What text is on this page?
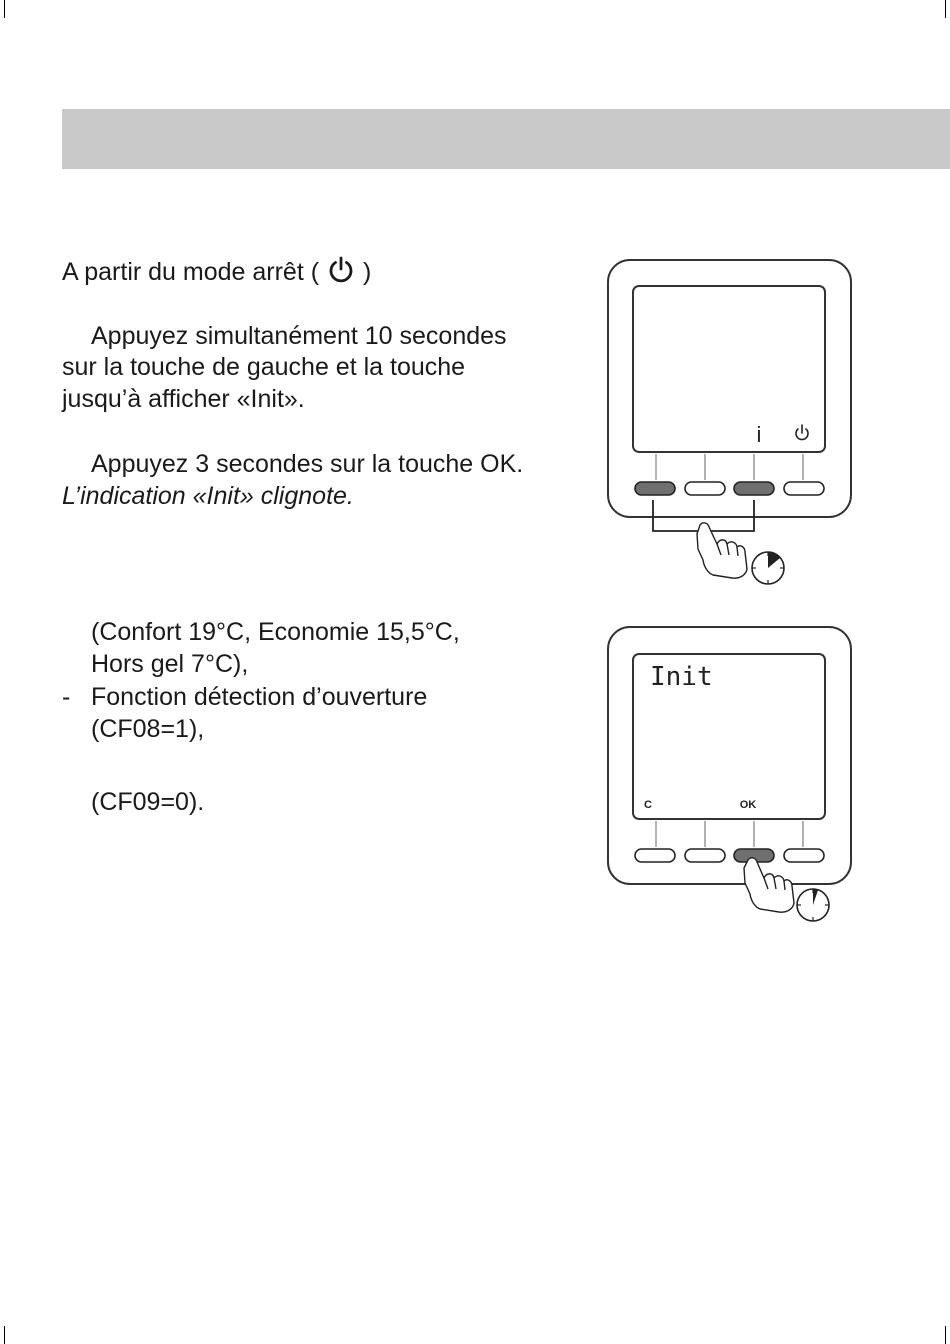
A partir du mode arrêt ( )
Appuyez simultanément 10 secondes
sur la touche de gauche et la touche
jusqu’à afficher «Init».
Appuyez 3 secondes sur la touche OK.
L’indication «Init» clignote.
(Confort 19°C, Economie 15,5°C,
Hors gel 7°C),
- Fonction détection d’ouverture
(CF08=1),
(CF09=0).
i
Init
C	OK
